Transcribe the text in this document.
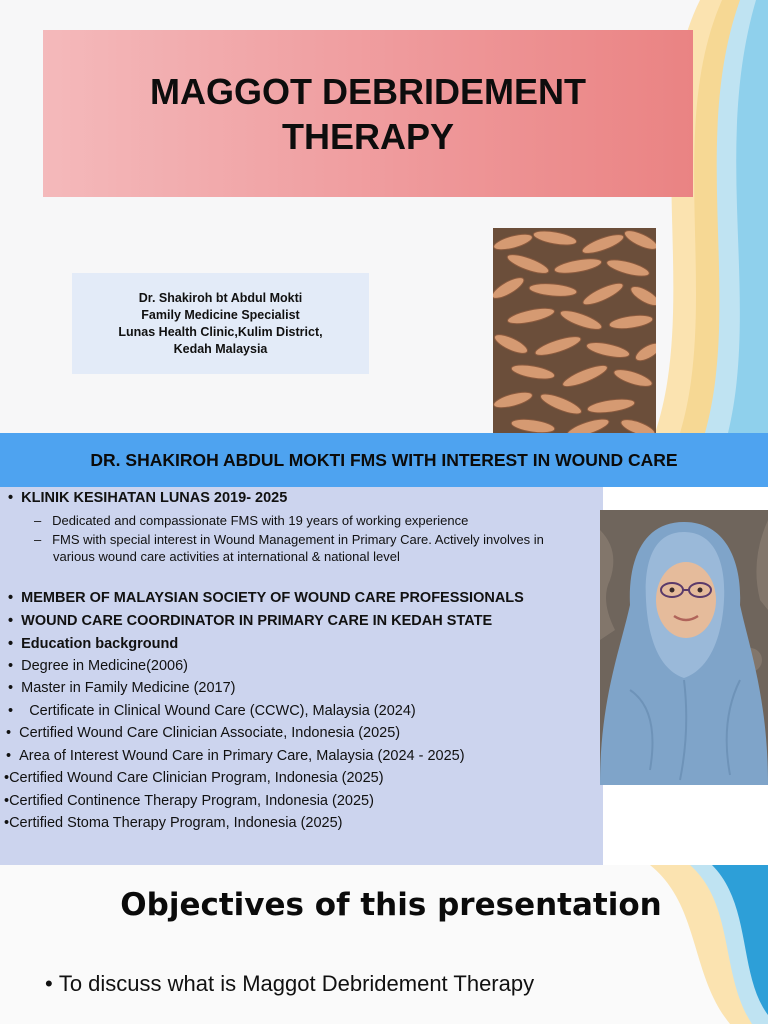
MAGGOT DEBRIDEMENT THERAPY
Dr. Shakiroh bt Abdul Mokti
Family Medicine Specialist
Lunas Health Clinic,Kulim District,
Kedah Malaysia
DR. SHAKIROH ABDUL MOKTI FMS WITH INTEREST IN WOUND CARE
•  KLINIK KESIHATAN LUNAS 2019- 2025
–   Dedicated and compassionate FMS with 19 years of working experience
–   FMS with special interest in Wound Management in Primary Care. Actively involves in
various wound care activities at international & national level
•  MEMBER OF MALAYSIAN SOCIETY OF WOUND CARE PROFESSIONALS
•  WOUND CARE COORDINATOR IN PRIMARY CARE IN KEDAH STATE
•  Education background
•  Degree in Medicine(2006)
•  Master in Family Medicine (2017)
•    Certificate in Clinical Wound Care (CCWC), Malaysia (2024)
•  Certified Wound Care Clinician Associate, Indonesia (2025)
•  Area of Interest Wound Care in Primary Care, Malaysia (2024 - 2025)
•Certified Wound Care Clinician Program, Indonesia (2025)
•Certified Continence Therapy Program, Indonesia (2025)
•Certified Stoma Therapy Program, Indonesia (2025)
Objectives of this presentation
• To discuss what is Maggot Debridement Therapy
